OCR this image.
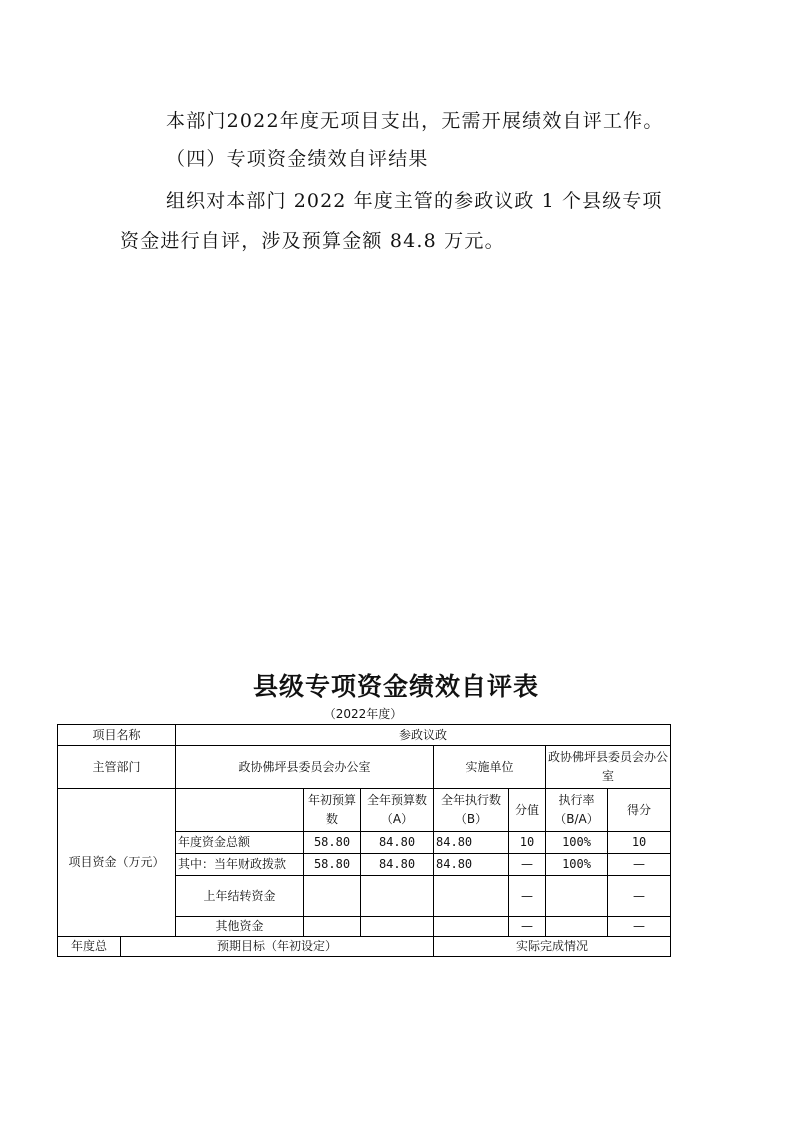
本部门2022年度无项目支出，无需开展绩效自评工作。

（四）专项资金绩效自评结果

组织对本部门 2022 年度主管的参政议政 1 个县级专项

资金进行自评，涉及预算金额 84.8 万元。

县级专项资金绩效自评表
（2022年度）
项目名称		参政议政						
主管部门		政协佛坪县委员会办公室			实施单位		政协佛坪县委员会办公室	
项目资金（万元）			年初预算数	全年预算数（A）	全年执行数（B）	分值	执行率（B/A）	得分
		年度资金总额	58.80	84.80	84.80	10	100%	10
		其中：当年财政拨款	58.80	84.80	84.80	—	100%	—
		上年结转资金				—		—
		其他资金				—		—
年度总	预期目标（年初设定）				实际完成情况			
